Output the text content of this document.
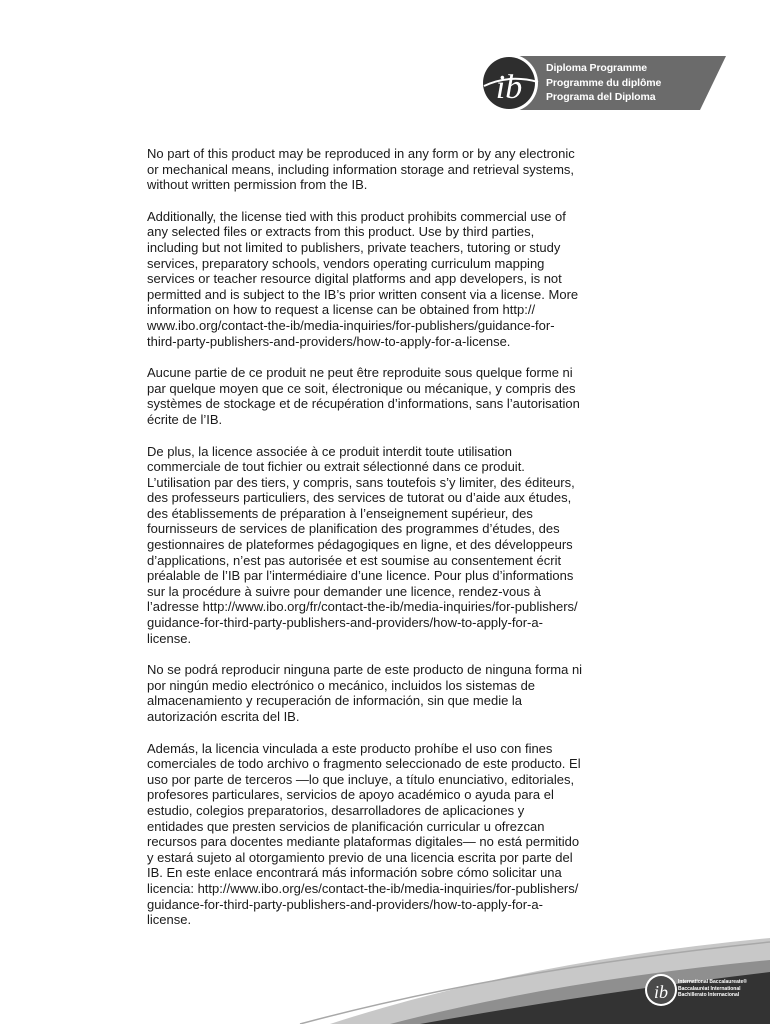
ib
Diploma Programme
Programme du diplôme
Programa del Diploma

No part of this product may be reproduced in any form or by any electronic
or mechanical means, including information storage and retrieval systems,
without written permission from the IB.

Additionally, the license tied with this product prohibits commercial use of
any selected files or extracts from this product. Use by third parties,
including but not limited to publishers, private teachers, tutoring or study
services, preparatory schools, vendors operating curriculum mapping
services or teacher resource digital platforms and app developers, is not
permitted and is subject to the IB’s prior written consent via a license. More
information on how to request a license can be obtained from http://
www.ibo.org/contact-the-ib/media-inquiries/for-publishers/guidance-for-
third-party-publishers-and-providers/how-to-apply-for-a-license.

Aucune partie de ce produit ne peut être reproduite sous quelque forme ni
par quelque moyen que ce soit, électronique ou mécanique, y compris des
systèmes de stockage et de récupération d’informations, sans l’autorisation
écrite de l’IB.

De plus, la licence associée à ce produit interdit toute utilisation
commerciale de tout fichier ou extrait sélectionné dans ce produit.
L’utilisation par des tiers, y compris, sans toutefois s’y limiter, des éditeurs,
des professeurs particuliers, des services de tutorat ou d’aide aux études,
des établissements de préparation à l’enseignement supérieur, des
fournisseurs de services de planification des programmes d’études, des
gestionnaires de plateformes pédagogiques en ligne, et des développeurs
d’applications, n’est pas autorisée et est soumise au consentement écrit
préalable de l’IB par l’intermédiaire d’une licence. Pour plus d’informations
sur la procédure à suivre pour demander une licence, rendez-vous à
l’adresse http://www.ibo.org/fr/contact-the-ib/media-inquiries/for-publishers/
guidance-for-third-party-publishers-and-providers/how-to-apply-for-a-
license.

No se podrá reproducir ninguna parte de este producto de ninguna forma ni
por ningún medio electrónico o mecánico, incluidos los sistemas de
almacenamiento y recuperación de información, sin que medie la
autorización escrita del IB.

Además, la licencia vinculada a este producto prohíbe el uso con fines
comerciales de todo archivo o fragmento seleccionado de este producto. El
uso por parte de terceros —lo que incluye, a título enunciativo, editoriales,
profesores particulares, servicios de apoyo académico o ayuda para el
estudio, colegios preparatorios, desarrolladores de aplicaciones y
entidades que presten servicios de planificación curricular u ofrezcan
recursos para docentes mediante plataformas digitales— no está permitido
y estará sujeto al otorgamiento previo de una licencia escrita por parte del
IB. En este enlace encontrará más información sobre cómo solicitar una
licencia: http://www.ibo.org/es/contact-the-ib/media-inquiries/for-publishers/
guidance-for-third-party-publishers-and-providers/how-to-apply-for-a-
license.

ib International Baccalaureate®
Baccalauréat International
Bachillerato Internacional
